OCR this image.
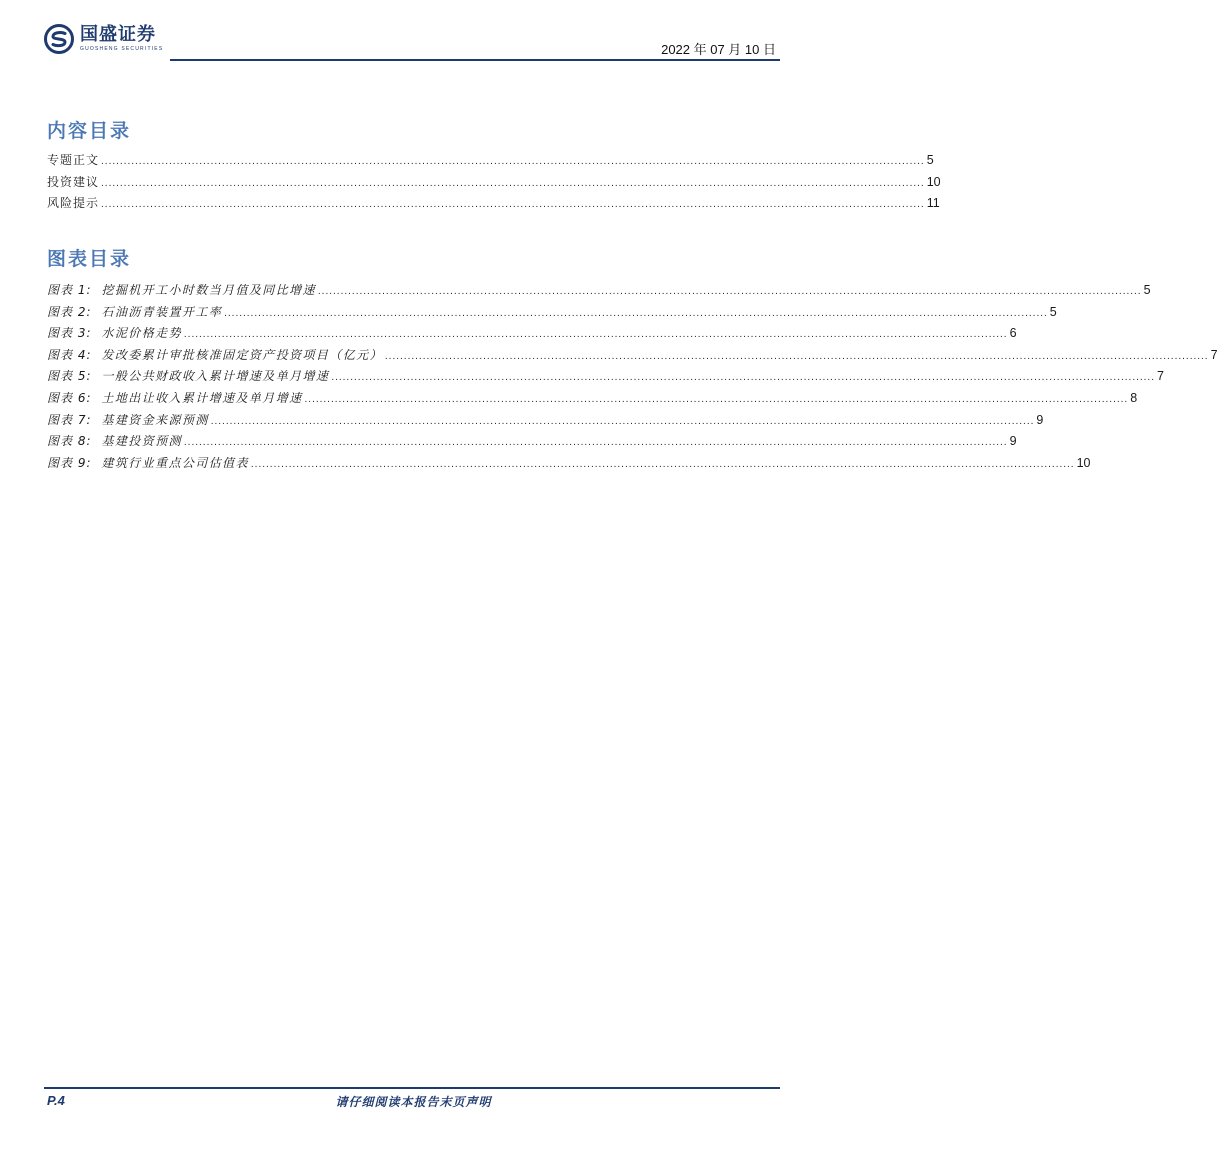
国盛证券
GUOSHENG SECURITIES	2022 年 07 月 10 日
内容目录
专题正文 .......................................................................................................................................................................................................................... 5
投资建议 .......................................................................................................................................................................................................................... 10
风险提示 .......................................................................................................................................................................................................................... 11
图表目录
图表 1: 挖掘机开工小时数当月值及同比增速 .......................................................................................................................................................................................................................... 5
图表 2: 石油沥青装置开工率 .......................................................................................................................................................................................................................... 5
图表 3: 水泥价格走势 .......................................................................................................................................................................................................................... 6
图表 4: 发改委累计审批核准固定资产投资项目（亿元） .......................................................................................................................................................................................................................... 7
图表 5: 一般公共财政收入累计增速及单月增速 .......................................................................................................................................................................................................................... 7
图表 6: 土地出让收入累计增速及单月增速 .......................................................................................................................................................................................................................... 8
图表 7: 基建资金来源预测 .......................................................................................................................................................................................................................... 9
图表 8: 基建投资预测 .......................................................................................................................................................................................................................... 9
图表 9: 建筑行业重点公司估值表 .......................................................................................................................................................................................................................... 10
P.4	请仔细阅读本报告末页声明
